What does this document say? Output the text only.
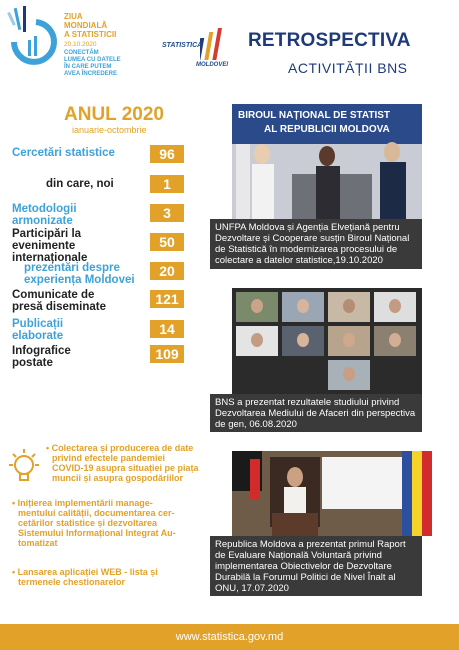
ZIUA
MONDIALĂ
A STATISTICII
20.10.2020
CONECTĂM
LUMEA CU DATELE
ÎN CARE PUTEM
AVEA ÎNCREDERE
STATISTICA
MOLDOVEI
RETROSPECTIVA
ACTIVITĂȚII BNS
ANUL 2020
ianuarie-octombrie
Cercetări statistice	96
din care, noi	1
Metodologii
armonizate	3
Participări la
evenimente
internaționale
50
prezentări despre
experiența Moldovei
20
Comunicate de
presă diseminate	121
Publicații
elaborate	14
Infografice
postate
109
• Colectarea și producerea de date
privind efectele pandemiei
COVID-19 asupra situației pe piața
muncii și asupra gospodăriilor
• Inițierea implementării manage-
mentului calității, documentarea cer-
cetărilor statistice și dezvoltarea
Sistemului Informațional Integrat Au-
tomatizat
• Lansarea aplicației WEB - lista și
termenele chestionarelor
BIROUL NAȚIONAL DE STATIST
AL REPUBLICII MOLDOVA
UNFPA Moldova și Agenția Elvețiană pentru Dezvoltare și Cooperare susțin Biroul Național de Statistică în modernizarea procesului de colectare a datelor statistice,19.10.2020
BNS a prezentat rezultatele studiului privind Dezvoltarea Mediului de Afaceri din perspectiva de gen, 06.08.2020
Republica Moldova a prezentat primul Raport de Evaluare Națională Voluntară privind implementarea Obiectivelor de Dezvoltare Durabilă la Forumul Politici de Nivel Înalt al ONU, 17.07.2020
www.statistica.gov.md
